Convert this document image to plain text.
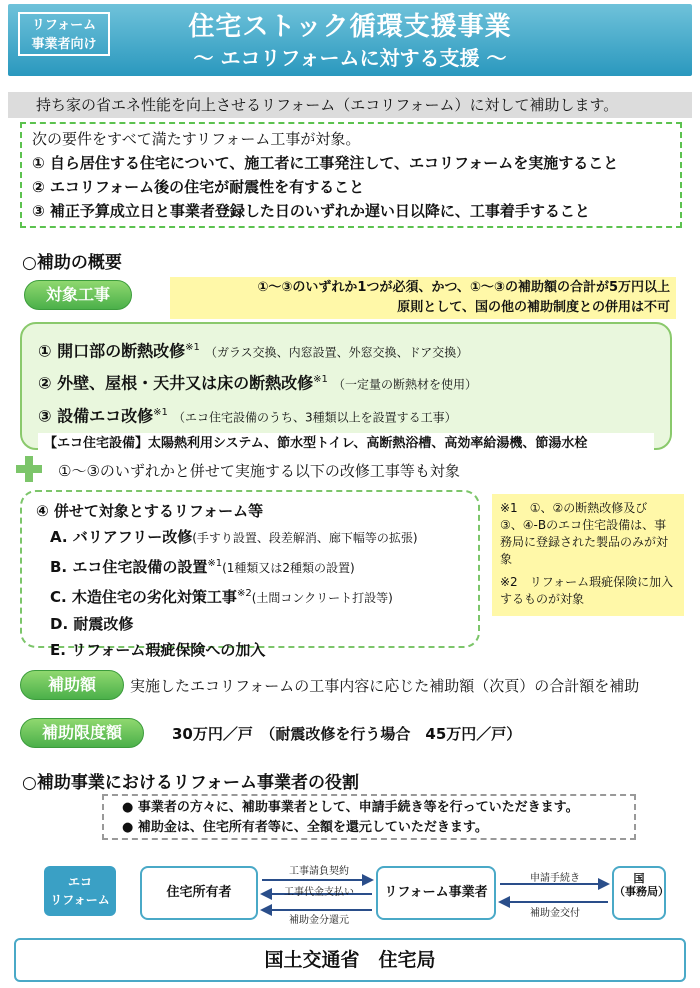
リフォーム
事業者向け
住宅ストック循環支援事業
～ エコリフォームに対する支援 ～
持ち家の省エネ性能を向上させるリフォーム（エコリフォーム）に対して補助します。
次の要件をすべて満たすリフォーム工事が対象。
① 自ら居住する住宅について、施工者に工事発注して、エコリフォームを実施すること
② エコリフォーム後の住宅が耐震性を有すること
③ 補正予算成立日と事業者登録した日のいずれか遅い日以降に、工事着手すること
○補助の概要
対象工事	①～③のいずれか1つが必須、かつ、①～③の補助額の合計が5万円以上
原則として、国の他の補助制度との併用は不可
① 開口部の断熱改修$^{※1}$ （ガラス交換、内窓設置、外窓交換、ドア交換）
② 外壁、屋根・天井又は床の断熱改修$^{※1}$ （一定量の断熱材を使用）
③ 設備エコ改修$^{※1}$ （エコ住宅設備のうち、3種類以上を設置する工事）
【エコ住宅設備】太陽熱利用システム、節水型トイレ、高断熱浴槽、高効率給湯機、節湯水栓
①～③のいずれかと併せて実施する以下の改修工事等も対象
④ 併せて対象とするリフォーム等
A. バリアフリー改修(手すり設置、段差解消、廊下幅等の拡張)
B. エコ住宅設備の設置$^{※1}$(1種類又は2種類の設置)
C. 木造住宅の劣化対策工事$^{※2}$(土間コンクリート打設等)
D. 耐震改修
E. リフォーム瑕疵保険への加入
※1　①、②の断熱改修及び　③、④-Bのエコ住宅設備は、事務局に登録された製品のみが対象
※2　リフォーム瑕疵保険に加入するものが対象
補助額	実施したエコリフォームの工事内容に応じた補助額（次頁）の合計額を補助
補助限度額	30万円／戸　（耐震改修を行う場合　45万円／戸）
○補助事業におけるリフォーム事業者の役割
● 事業者の方々に、補助事業者として、申請手続き等を行っていただきます。
● 補助金は、住宅所有者等に、全額を還元していただきます。
エコ
リフォーム	住宅所有者	リフォーム事業者
国
（事務局）
工事請負契約
工事代金支払い
補助金分還元
申請手続き
補助金交付
国土交通省　住宅局
